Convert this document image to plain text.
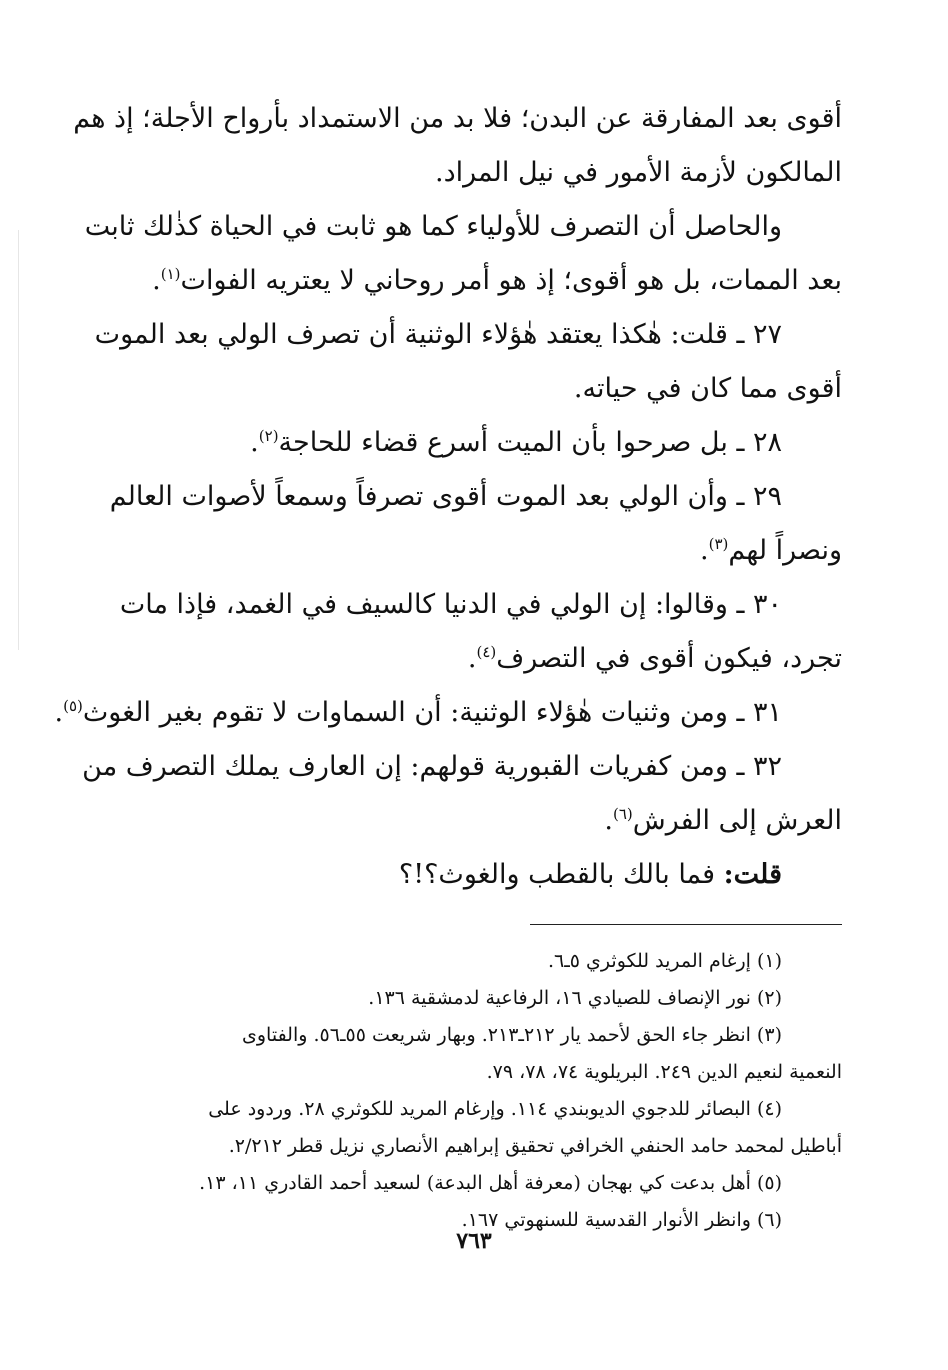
أقوى بعد المفارقة عن البدن؛ فلا بد من الاستمداد بأرواح الأجلة؛ إذ هم
المالكون لأزمة الأمور في نيل المراد.
والحاصل أن التصرف للأولياء كما هو ثابت في الحياة كذٰلك ثابت
بعد الممات، بل هو أقوى؛ إذ هو أمر روحاني لا يعتريه الفوات$^{(١)}$.
٢٧ ـ قلت: هٰكذا يعتقد هٰؤلاء الوثنية أن تصرف الولي بعد الموت
أقوى مما كان في حياته.
٢٨ ـ بل صرحوا بأن الميت أسرع قضاء للحاجة$^{(٢)}$.
٢٩ ـ وأن الولي بعد الموت أقوى تصرفاً وسمعاً لأصوات العالم
ونصراً لهم$^{(٣)}$.
٣٠ ـ وقالوا: إن الولي في الدنيا كالسيف في الغمد، فإذا مات
تجرد، فيكون أقوى في التصرف$^{(٤)}$.
٣١ ـ ومن وثنيات هٰؤلاء الوثنية: أن السماوات لا تقوم بغير الغوث$^{(٥)}$.
٣٢ ـ ومن كفريات القبورية قولهم: إن العارف يملك التصرف من
العرش إلى الفرش$^{(٦)}$.
قلت: فما بالك بالقطب والغوث؟!؟
(١) إرغام المريد للكوثري ٥ـ٦.
(٢) نور الإنصاف للصيادي ١٦، الرفاعية لدمشقية ١٣٦.
(٣) انظر جاء الحق لأحمد يار ٢١٢ـ٢١٣. وبهار شريعت ٥٥ـ٥٦. والفتاوى
النعمية لنعيم الدين ٢٤٩. البريلوية ٧٤، ٧٨، ٧٩.
(٤) البصائر للدجوي الديوبندي ١١٤. وإرغام المريد للكوثري ٢٨. وردود على
أباطيل لمحمد حامد الحنفي الخرافي تحقيق إبراهيم الأنصاري نزيل قطر ٢/٢١٢.
(٥) أهل بدعت كي بهجان (معرفة أهل البدعة) لسعيد أحمد القادري ١١، ١٣.
(٦) وانظر الأنوار القدسية للسنهوتي ١٦٧.
٧٦٣
